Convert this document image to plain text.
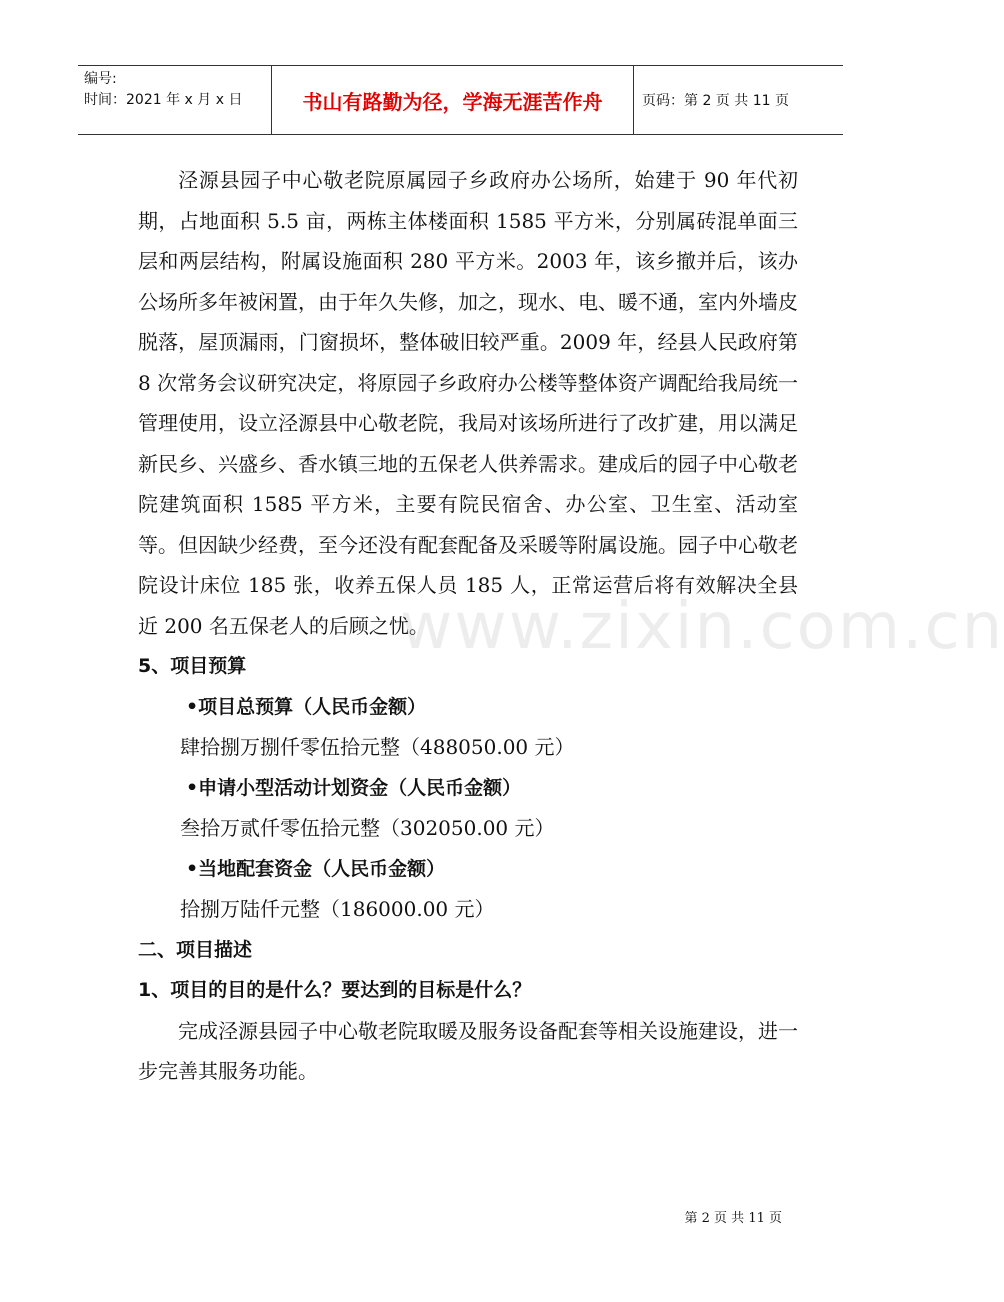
编号:
时间：2021 年 x 月 x 日	书山有路勤为径，学海无涯苦作舟	页码：第 2 页 共 11 页
www.zixin.com.cn

泾源县园子中心敬老院原属园子乡政府办公场所，始建于 90 年代初期，占地面积 5.5 亩，两栋主体楼面积 1585 平方米，分别属砖混单面三层和两层结构，附属设施面积 280 平方米。2003 年，该乡撤并后，该办公场所多年被闲置，由于年久失修，加之，现水、电、暖不通，室内外墙皮脱落，屋顶漏雨，门窗损坏，整体破旧较严重。2009 年，经县人民政府第 8 次常务会议研究决定，将原园子乡政府办公楼等整体资产调配给我局统一管理使用，设立泾源县中心敬老院，我局对该场所进行了改扩建，用以满足新民乡、兴盛乡、香水镇三地的五保老人供养需求。建成后的园子中心敬老院建筑面积 1585 平方米，主要有院民宿舍、办公室、卫生室、活动室等。但因缺少经费，至今还没有配套配备及采暖等附属设施。园子中心敬老院设计床位 185 张，收养五保人员 185 人，正常运营后将有效解决全县近 200 名五保老人的后顾之忧。

5、项目预算

•项目总预算（人民币金额）

肆拾捌万捌仟零伍拾元整（488050.00 元）

•申请小型活动计划资金（人民币金额）

叁拾万贰仟零伍拾元整（302050.00 元）

•当地配套资金（人民币金额）

拾捌万陆仟元整（186000.00 元）

二、项目描述

1、项目的目的是什么？要达到的目标是什么？

完成泾源县园子中心敬老院取暖及服务设备配套等相关设施建设，进一步完善其服务功能。

第 2 页 共 11 页
